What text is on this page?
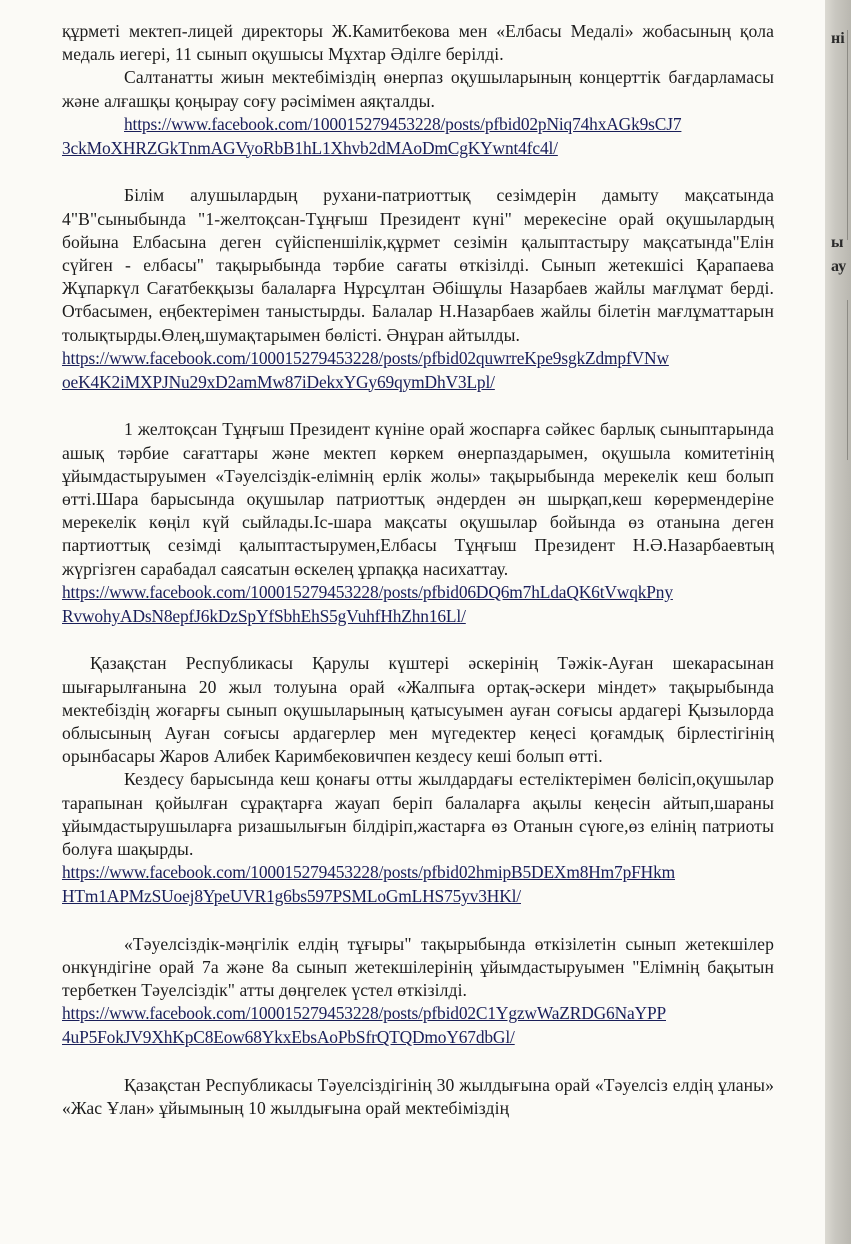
құрметі мектеп-лицей директоры Ж.Камитбекова мен «Елбасы Медалі» жобасының қола медаль иегері, 11 сынып оқушысы Мұхтар Әділге берілді.

Салтанатты жиын мектебіміздің өнерпаз оқушыларының концерттік бағдарламасы және алғашқы қоңырау соғу рәсімімен аяқталды.

https://www.facebook.com/100015279453228/posts/pfbid02pNiq74hxAGk9sCJ7
3ckMoXHRZGkTnmAGVyoRbB1hL1Xhvb2dMAoDmCgKYwnt4fc4l/

Білім алушылардың рухани-патриоттық сезімдерін дамыту мақсатында 4"В"сыныбында "1-желтоқсан-Тұңғыш Президент күні" мерекесіне орай оқушылардың бойына Елбасына деген сүйіспеншілік,құрмет сезімін қалыптастыру мақсатында"Елін сүйген - елбасы" тақырыбында тәрбие сағаты өткізілді. Сынып жетекшісі Қарапаева Жұпаркүл Сағатбекқызы балаларға Нұрсұлтан Әбішұлы Назарбаев жайлы мағлұмат берді. Отбасымен, еңбектерімен таныстырды. Балалар Н.Назарбаев жайлы білетін мағлұматтарын толықтырды.Өлең,шумақтарымен бөлісті. Әнұран айтылды.

https://www.facebook.com/100015279453228/posts/pfbid02quwrreKpe9sgkZdmpfVNw
oeK4K2iMXPJNu29xD2amMw87iDekxYGy69qymDhV3Lpl/

1 желтоқсан Тұңғыш Президент күніне орай жоспарға сәйкес барлық сыныптарында ашық тәрбие сағаттары және мектеп көркем өнерпаздарымен, оқушыла комитетінің ұйымдастыруымен «Тәуелсіздік-елімнің ерлік жолы» тақырыбында мерекелік кеш болып өтті.Шара барысында оқушылар патриоттық әндерден ән шырқап,кеш көрермендеріне мерекелік көңіл күй сыйлады.Іс-шара мақсаты оқушылар бойында өз отанына деген партиоттық сезімді қалыптастырумен,Елбасы Тұңғыш Президент Н.Ә.Назарбаевтың жүргізген сарабадал саясатын өскелең ұрпаққа насихаттау.

https://www.facebook.com/100015279453228/posts/pfbid06DQ6m7hLdaQK6tVwqkPny
RvwohyADsN8epfJ6kDzSpYfSbhEhS5gVuhfHhZhn16Ll/

Қазақстан Республикасы Қарулы күштері әскерінің Тәжік-Ауған шекарасынан шығарылғанына 20 жыл толуына орай «Жалпыға ортақ-әскери міндет» тақырыбында мектебіздің жоғарғы сынып оқушыларының қатысуымен ауған соғысы ардагері Қызылорда облысының Ауған соғысы ардагерлер мен мүгедектер кеңесі қоғамдық бірлестігінің орынбасары Жаров Алибек Каримбековичпен кездесу кеші болып өтті.

Кездесу барысында кеш қонағы отты жылдардағы естеліктерімен бөлісіп,оқушылар тарапынан қойылған сұрақтарға жауап беріп балаларға ақылы кеңесін айтып,шараны ұйымдастырушыларға ризашылығын білдіріп,жастарға өз Отанын сүюге,өз елінің патриоты болуға шақырды.

https://www.facebook.com/100015279453228/posts/pfbid02hmipB5DEXm8Hm7pFHkm
HTm1APMzSUoej8YpeUVR1g6bs597PSMLoGmLHS75yv3HKl/

«Тәуелсіздік-мәңгілік елдің тұғыры" тақырыбында өткізілетін сынып жетекшілер онкүндігіне орай 7а және 8а сынып жетекшілерінің ұйымдастыруымен "Елімнің бақытын тербеткен Тәуелсіздік" атты дөңгелек үстел өткізілді.

https://www.facebook.com/100015279453228/posts/pfbid02C1YgzwWaZRDG6NaYPP
4uP5FokJV9XhKpC8Eow68YkxEbsAoPbSfrQTQDmoY67dbGl/

Қазақстан Республикасы Тәуелсіздігінің 30 жылдығына орай «Тәуелсіз елдің ұланы» «Жас Ұлан» ұйымының 10 жылдығына орай мектебіміздің

ні
ы
ау
